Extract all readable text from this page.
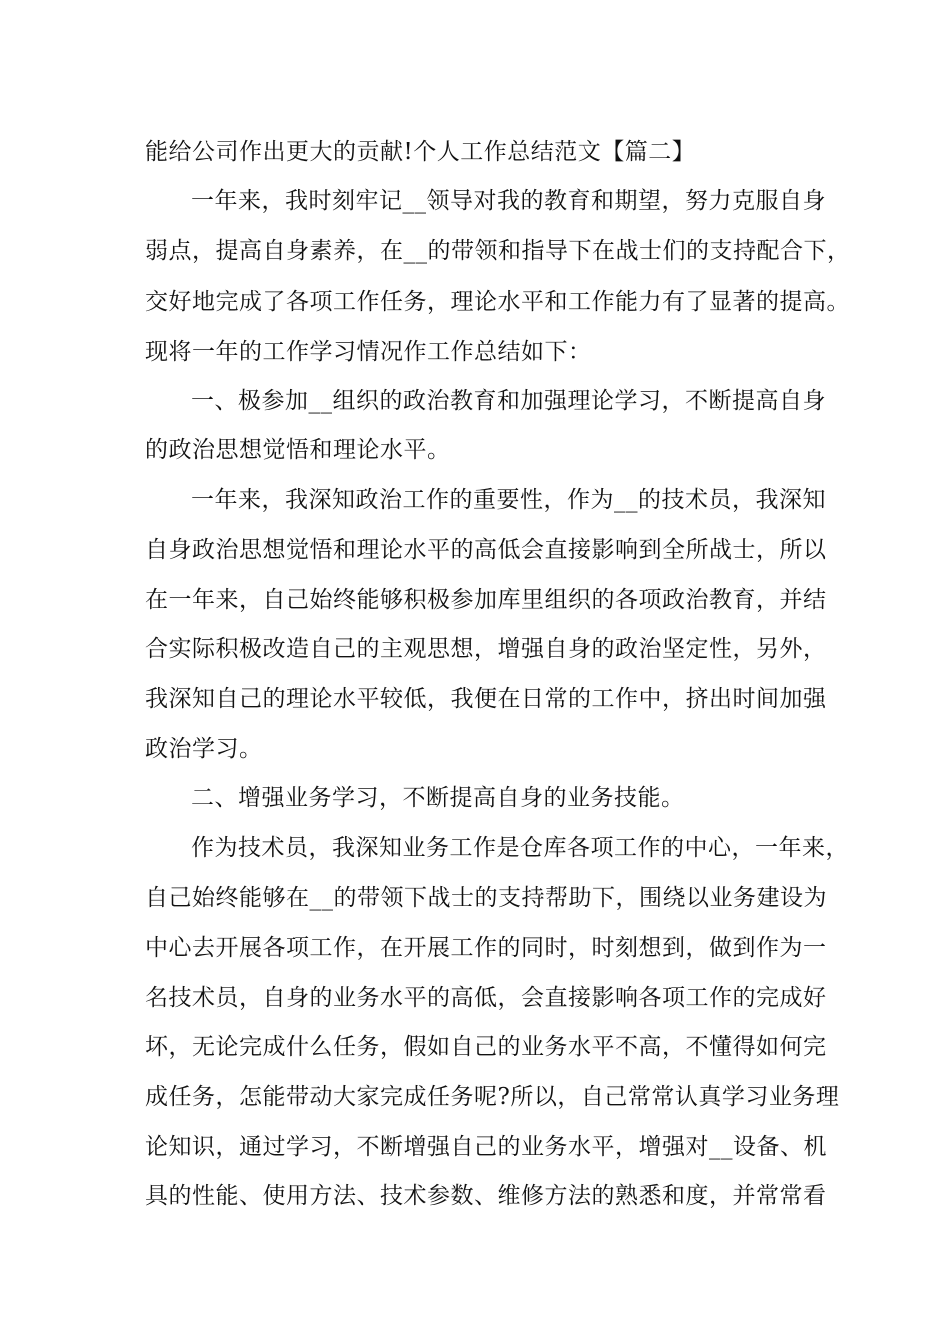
能给公司作出更大的贡献!个人工作总结范文【篇二】
一年来，我时刻牢记__领导对我的教育和期望，努力克服自身
弱点，提高自身素养，在__的带领和指导下在战士们的支持配合下，
交好地完成了各项工作任务，理论水平和工作能力有了显著的提高。
现将一年的工作学习情况作工作总结如下：
一、极参加__组织的政治教育和加强理论学习，不断提高自身
的政治思想觉悟和理论水平。
一年来，我深知政治工作的重要性，作为__的技术员，我深知
自身政治思想觉悟和理论水平的高低会直接影响到全所战士，所以
在一年来，自己始终能够积极参加库里组织的各项政治教育，并结
合实际积极改造自己的主观思想，增强自身的政治坚定性，另外，
我深知自己的理论水平较低，我便在日常的工作中，挤出时间加强
政治学习。
二、增强业务学习，不断提高自身的业务技能。
作为技术员，我深知业务工作是仓库各项工作的中心，一年来，
自己始终能够在__的带领下战士的支持帮助下，围绕以业务建设为
中心去开展各项工作，在开展工作的同时，时刻想到，做到作为一
名技术员，自身的业务水平的高低，会直接影响各项工作的完成好
坏，无论完成什么任务，假如自己的业务水平不高，不懂得如何完
成任务，怎能带动大家完成任务呢?所以，自己常常认真学习业务理
论知识，通过学习，不断增强自己的业务水平，增强对__设备、机
具的性能、使用方法、技术参数、维修方法的熟悉和度，并常常看
